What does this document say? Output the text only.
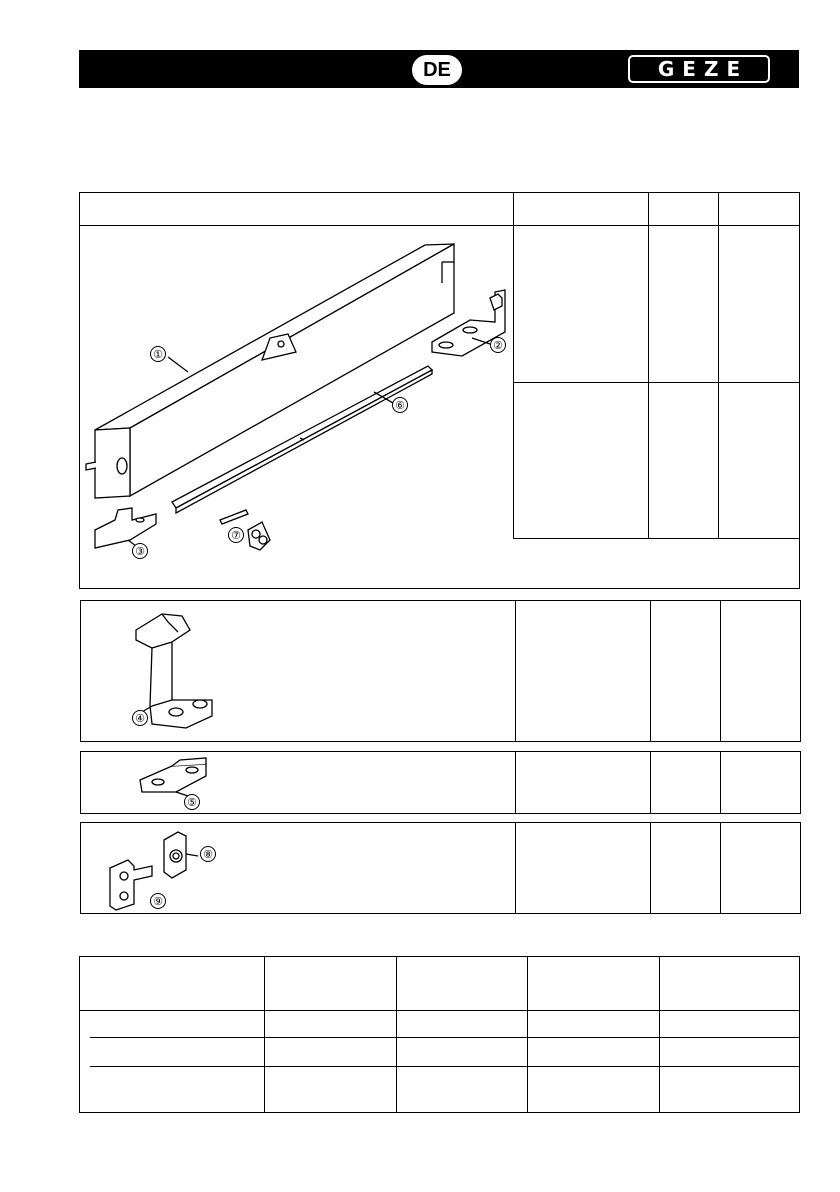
DE	GEZE
①
②
③
⑥
⑦
④
⑤
⑧
⑨
